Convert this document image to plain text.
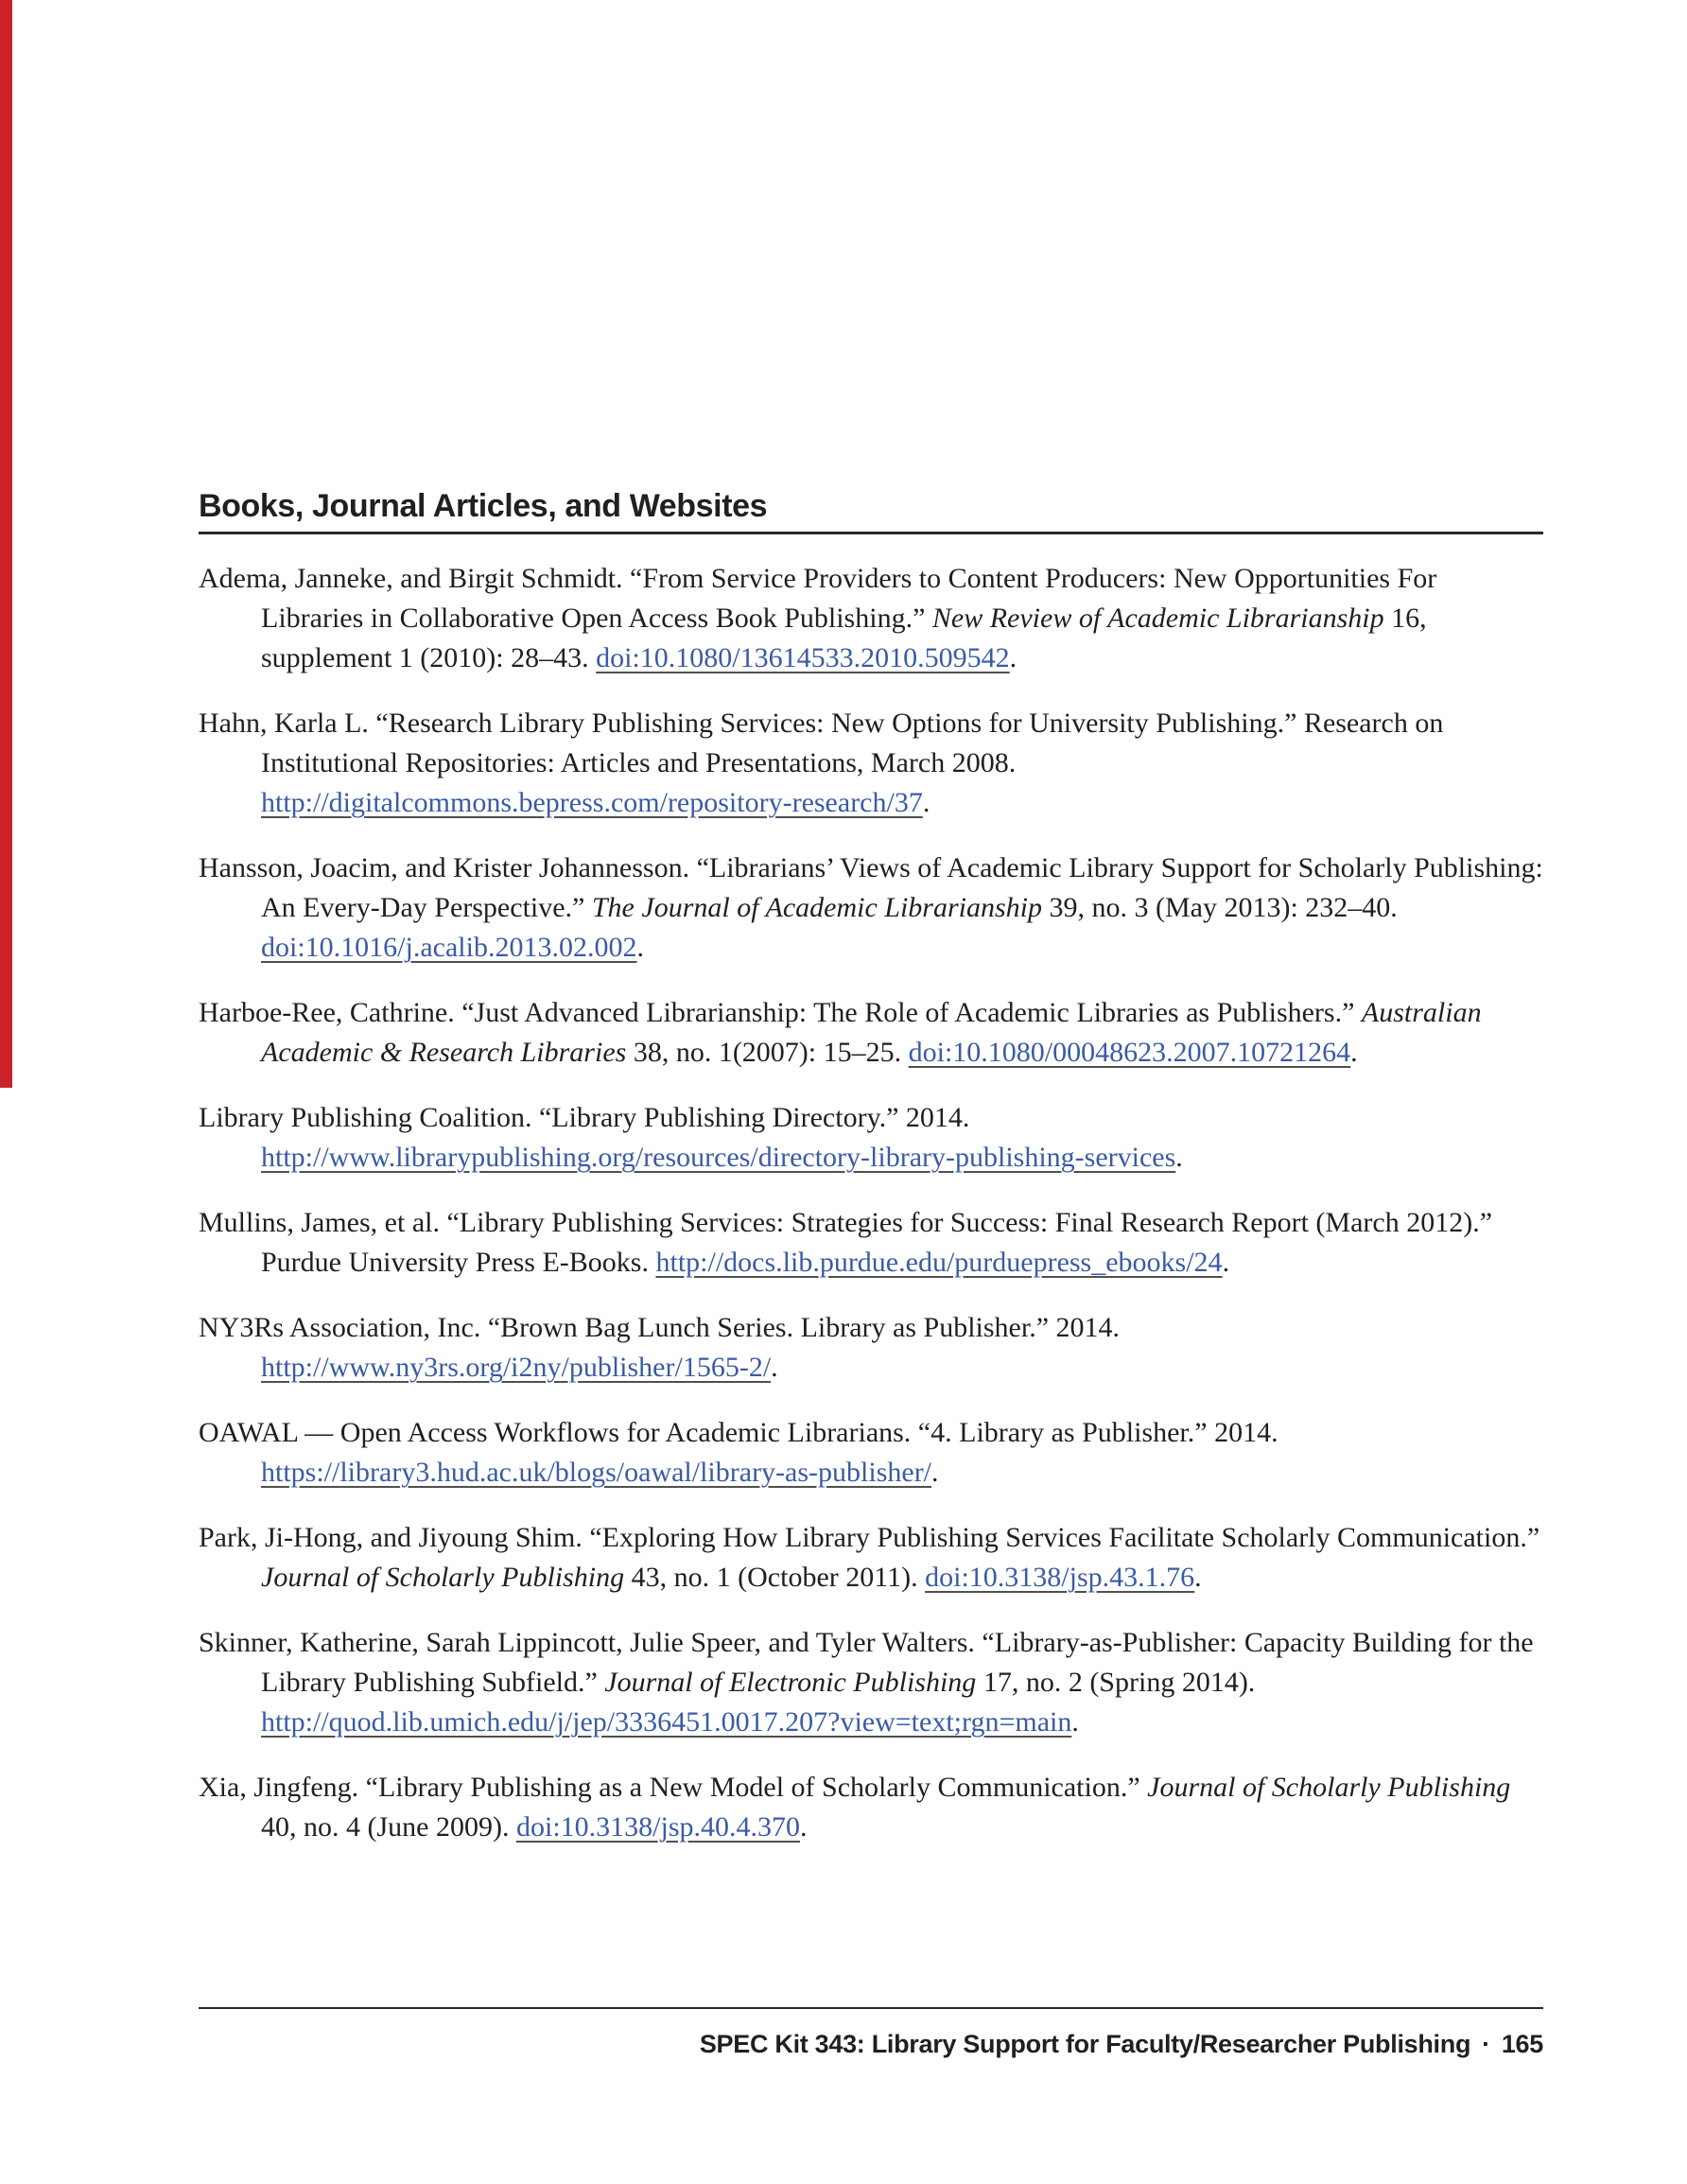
Books, Journal Articles, and Websites

Adema, Janneke, and Birgit Schmidt. “From Service Providers to Content Producers: New Opportunities For Libraries in Collaborative Open Access Book Publishing.” New Review of Academic Librarianship 16, supplement 1 (2010): 28–43. doi:10.1080/13614533.2010.509542.

Hahn, Karla L. “Research Library Publishing Services: New Options for University Publishing.” Research on Institutional Repositories: Articles and Presentations, March 2008. http://digitalcommons.bepress.com/repository-research/37.

Hansson, Joacim, and Krister Johannesson. “Librarians’ Views of Academic Library Support for Scholarly Publishing: An Every-Day Perspective.” The Journal of Academic Librarianship 39, no. 3 (May 2013): 232–40. doi:10.1016/j.acalib.2013.02.002.

Harboe-Ree, Cathrine. “Just Advanced Librarianship: The Role of Academic Libraries as Publishers.” Australian Academic & Research Libraries 38, no. 1(2007): 15–25. doi:10.1080/00048623.2007.10721264.

Library Publishing Coalition. “Library Publishing Directory.” 2014. http://www.librarypublishing.org/resources/directory-library-publishing-services.

Mullins, James, et al. “Library Publishing Services: Strategies for Success: Final Research Report (March 2012).” Purdue University Press E-Books. http://docs.lib.purdue.edu/purduepress_ebooks/24.

NY3Rs Association, Inc. “Brown Bag Lunch Series. Library as Publisher.” 2014. http://www.ny3rs.org/i2ny/publisher/1565-2/.

OAWAL — Open Access Workflows for Academic Librarians. “4. Library as Publisher.” 2014. https://library3.hud.ac.uk/blogs/oawal/library-as-publisher/.

Park, Ji-Hong, and Jiyoung Shim. “Exploring How Library Publishing Services Facilitate Scholarly Communication.” Journal of Scholarly Publishing 43, no. 1 (October 2011). doi:10.3138/jsp.43.1.76.

Skinner, Katherine, Sarah Lippincott, Julie Speer, and Tyler Walters. “Library-as-Publisher: Capacity Building for the Library Publishing Subfield.” Journal of Electronic Publishing 17, no. 2 (Spring 2014). http://quod.lib.umich.edu/j/jep/3336451.0017.207?view=text;rgn=main.

Xia, Jingfeng. “Library Publishing as a New Model of Scholarly Communication.” Journal of Scholarly Publishing 40, no. 4 (June 2009). doi:10.3138/jsp.40.4.370.

SPEC Kit 343: Library Support for Faculty/Researcher Publishing · 165
